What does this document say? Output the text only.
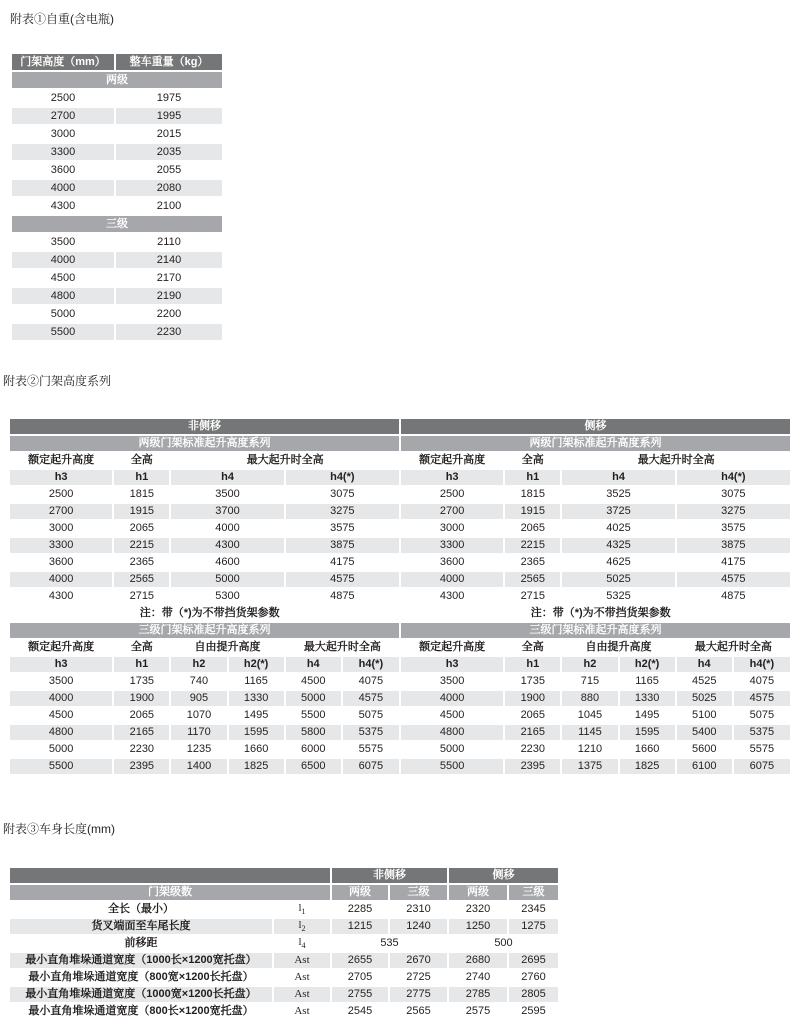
附表①自重(含电瓶)
门架高度（mm）	整车重量（kg）
两级	
2500	1975
2700	1995
3000	2015
3300	2035
3600	2055
4000	2080
4300	2100
三级	
3500	2110
4000	2140
4500	2170
4800	2190
5000	2200
5500	2230
附表②门架高度系列
非侧移						侧移					
两级门架标准起升高度系列						两级门架标准起升高度系列					
额定起升高度	全高	最大起升时全高				额定起升高度	全高	最大起升时全高			
h3	h1	h4		h4(*)		h3	h1	h4		h4(*)	
2500	1815	3500		3075		2500	1815	3525		3075	
2700	1915	3700		3275		2700	1915	3725		3275	
3000	2065	4000		3575		3000	2065	4025		3575	
3300	2215	4300		3875		3300	2215	4325		3875	
3600	2365	4600		4175		3600	2365	4625		4175	
4000	2565	5000		4575		4000	2565	5025		4575	
4300	2715	5300		4875		4300	2715	5325		4875	
注：带（*)为不带挡货架参数						注：带（*)为不带挡货架参数					
三级门架标准起升高度系列						三级门架标准起升高度系列					
额定起升高度	全高	自由提升高度		最大起升时全高		额定起升高度	全高	自由提升高度		最大起升时全高	
h3	h1	h2	h2(*)	h4	h4(*)	h3	h1	h2	h2(*)	h4	h4(*)
3500	1735	740	1165	4500	4075	3500	1735	715	1165	4525	4075
4000	1900	905	1330	5000	4575	4000	1900	880	1330	5025	4575
4500	2065	1070	1495	5500	5075	4500	2065	1045	1495	5100	5075
4800	2165	1170	1595	5800	5375	4800	2165	1145	1595	5400	5375
5000	2230	1235	1660	6000	5575	5000	2230	1210	1660	5600	5575
5500	2395	1400	1825	6500	6075	5500	2395	1375	1825	6100	6075
附表③车身长度(mm)
		非侧移		侧移	
门架级数		两级	三级	两级	三级
全长（最小）	$l_1$	2285	2310	2320	2345
货叉端面至车尾长度	$l_2$	1215	1240	1250	1275
前移距	$l_4$	535		500	
最小直角堆垛通道宽度（1000长×1200宽托盘）	Ast	2655	2670	2680	2695
最小直角堆垛通道宽度（800宽×1200长托盘）	Ast	2705	2725	2740	2760
最小直角堆垛通道宽度（1000宽×1200长托盘）	Ast	2755	2775	2785	2805
最小直角堆垛通道宽度（800长×1200宽托盘）	Ast	2545	2565	2575	2595
